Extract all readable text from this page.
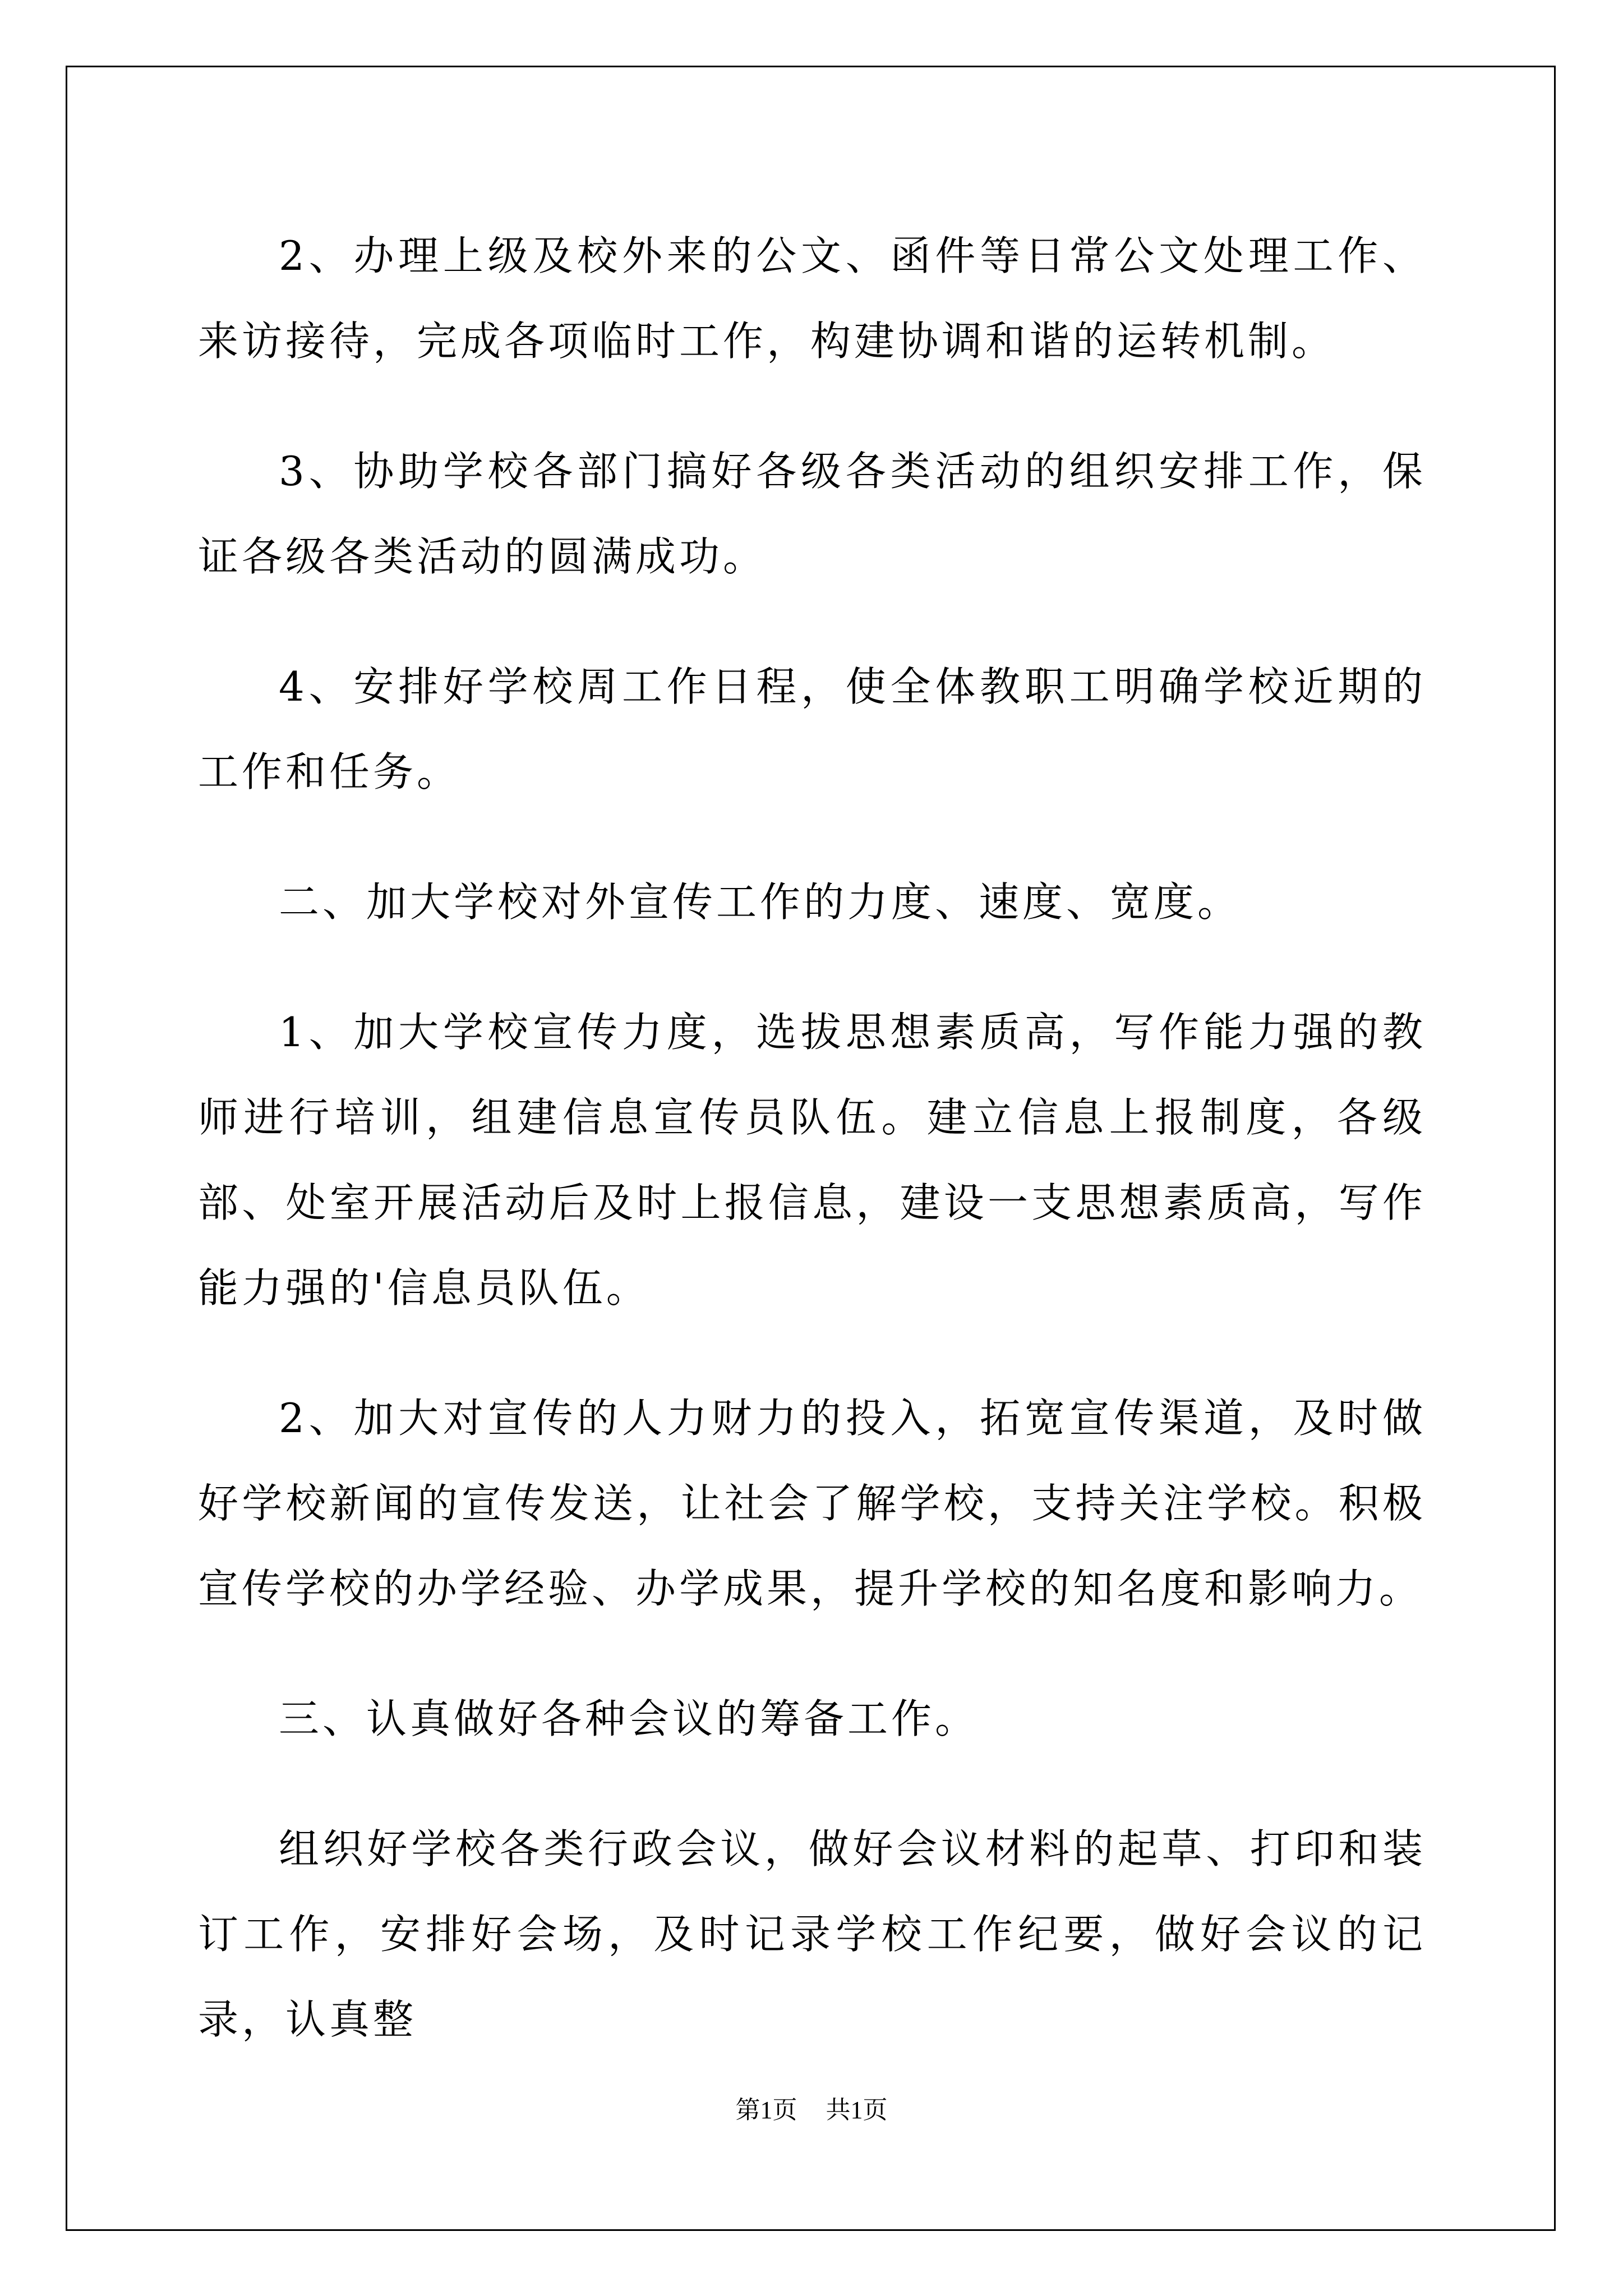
2、办理上级及校外来的公文、函件等日常公文处理工作、来访接待，完成各项临时工作，构建协调和谐的运转机制。

3、协助学校各部门搞好各级各类活动的组织安排工作，保证各级各类活动的圆满成功。

4、安排好学校周工作日程，使全体教职工明确学校近期的工作和任务。

二、加大学校对外宣传工作的力度、速度、宽度。

1、加大学校宣传力度，选拔思想素质高，写作能力强的教师进行培训，组建信息宣传员队伍。建立信息上报制度，各级部、处室开展活动后及时上报信息，建设一支思想素质高，写作能力强的'信息员队伍。

2、加大对宣传的人力财力的投入，拓宽宣传渠道，及时做好学校新闻的宣传发送，让社会了解学校，支持关注学校。积极宣传学校的办学经验、办学成果，提升学校的知名度和影响力。

三、认真做好各种会议的筹备工作。

组织好学校各类行政会议，做好会议材料的起草、打印和装订工作，安排好会场，及时记录学校工作纪要，做好会议的记录，认真整

第1页 共1页
